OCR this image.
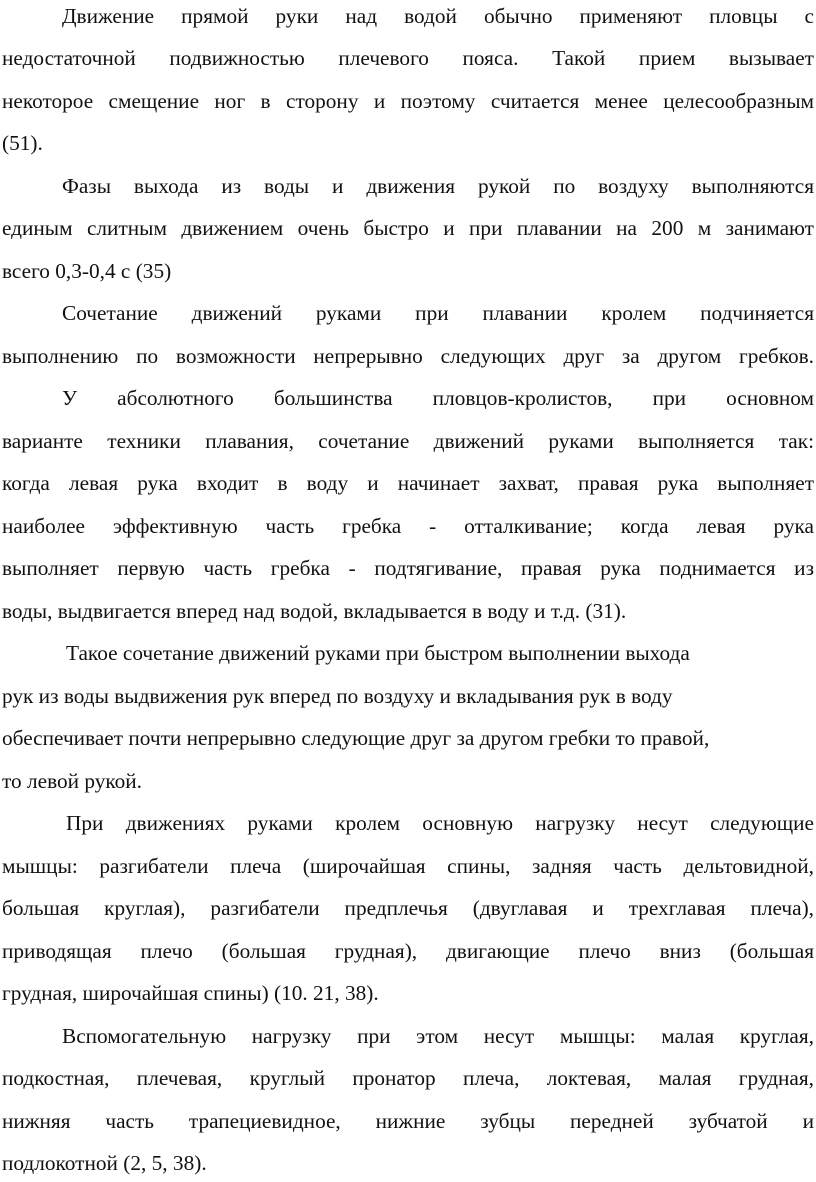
Движение прямой руки над водой обычно применяют пловцы с
недостаточной подвижностью плечевого пояса. Такой прием вызывает
некоторое смещение ног в сторону и поэтому считается менее целесообразным
(51).
Фазы выхода из воды и движения рукой по воздуху выполняются
единым слитным движением очень быстро и при плавании на 200 м занимают
всего 0,3-0,4 с (35)
Сочетание движений руками при плавании кролем подчиняется
выполнению по возможности непрерывно следующих друг за другом гребков.
У абсолютного большинства пловцов-кролистов, при основном
варианте техники плавания, сочетание движений руками выполняется так:
когда левая рука входит в воду и начинает захват, правая рука выполняет
наиболее эффективную часть гребка - отталкивание; когда левая рука
выполняет первую часть гребка - подтягивание, правая рука поднимается из
воды, выдвигается вперед над водой, вкладывается в воду и т.д. (31).
Такое сочетание движений руками при быстром выполнении выхода
рук из воды выдвижения рук вперед по воздуху и вкладывания рук в воду
обеспечивает почти непрерывно следующие друг за другом гребки то правой,
то левой рукой.
При движениях руками кролем основную нагрузку несут следующие
мышцы: разгибатели плеча (широчайшая спины, задняя часть дельтовидной,
большая круглая), разгибатели предплечья (двуглавая и трехглавая плеча),
приводящая плечо (большая грудная), двигающие плечо вниз (большая
грудная, широчайшая спины) (10. 21, 38).
Вспомогательную нагрузку при этом несут мышцы: малая круглая,
подкостная, плечевая, круглый пронатор плеча, локтевая, малая грудная,
нижняя часть трапециевидное, нижние зубцы передней зубчатой и
подлокотной (2, 5, 38).
